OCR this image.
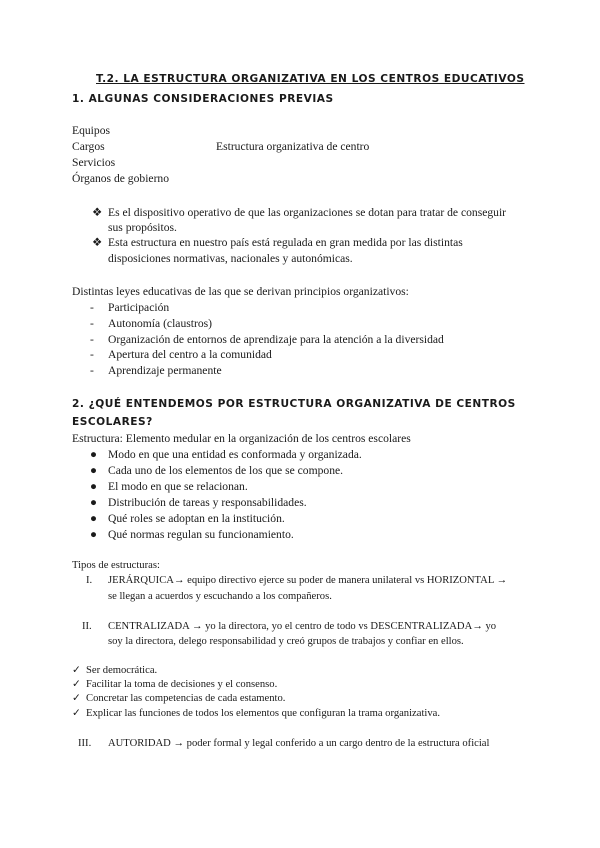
T.2. LA ESTRUCTURA ORGANIZATIVA EN LOS CENTROS EDUCATIVOS
1. ALGUNAS CONSIDERACIONES PREVIAS
Equipos
Cargos
Servicios
Órganos de gobierno
Estructura organizativa de centro
❖ Es el dispositivo operativo de que las organizaciones se dotan para tratar de conseguir
sus propósitos.
❖ Esta estructura en nuestro país está regulada en gran medida por las distintas
disposiciones normativas, nacionales y autonómicas.
Distintas leyes educativas de las que se derivan principios organizativos:
- Participación
- Autonomía (claustros)
- Organización de entornos de aprendizaje para la atención a la diversidad
- Apertura del centro a la comunidad
- Aprendizaje permanente
2. ¿QUÉ ENTENDEMOS POR ESTRUCTURA ORGANIZATIVA DE CENTROS
ESCOLARES?
Estructura: Elemento medular en la organización de los centros escolares
● Modo en que una entidad es conformada y organizada.
● Cada uno de los elementos de los que se compone.
● El modo en que se relacionan.
● Distribución de tareas y responsabilidades.
● Qué roles se adoptan en la institución.
● Qué normas regulan su funcionamiento.
Tipos de estructuras:
I. JERÁRQUICA→ equipo directivo ejerce su poder de manera unilateral vs HORIZONTAL →
se llegan a acuerdos y escuchando a los compañeros.
II. CENTRALIZADA → yo la directora, yo el centro de todo vs DESCENTRALIZADA→ yo
soy la directora, delego responsabilidad y creó grupos de trabajos y confiar en ellos.
✓ Ser democrática.
✓ Facilitar la toma de decisiones y el consenso.
✓ Concretar las competencias de cada estamento.
✓ Explicar las funciones de todos los elementos que configuran la trama organizativa.
III. AUTORIDAD → poder formal y legal conferido a un cargo dentro de la estructura oficial
